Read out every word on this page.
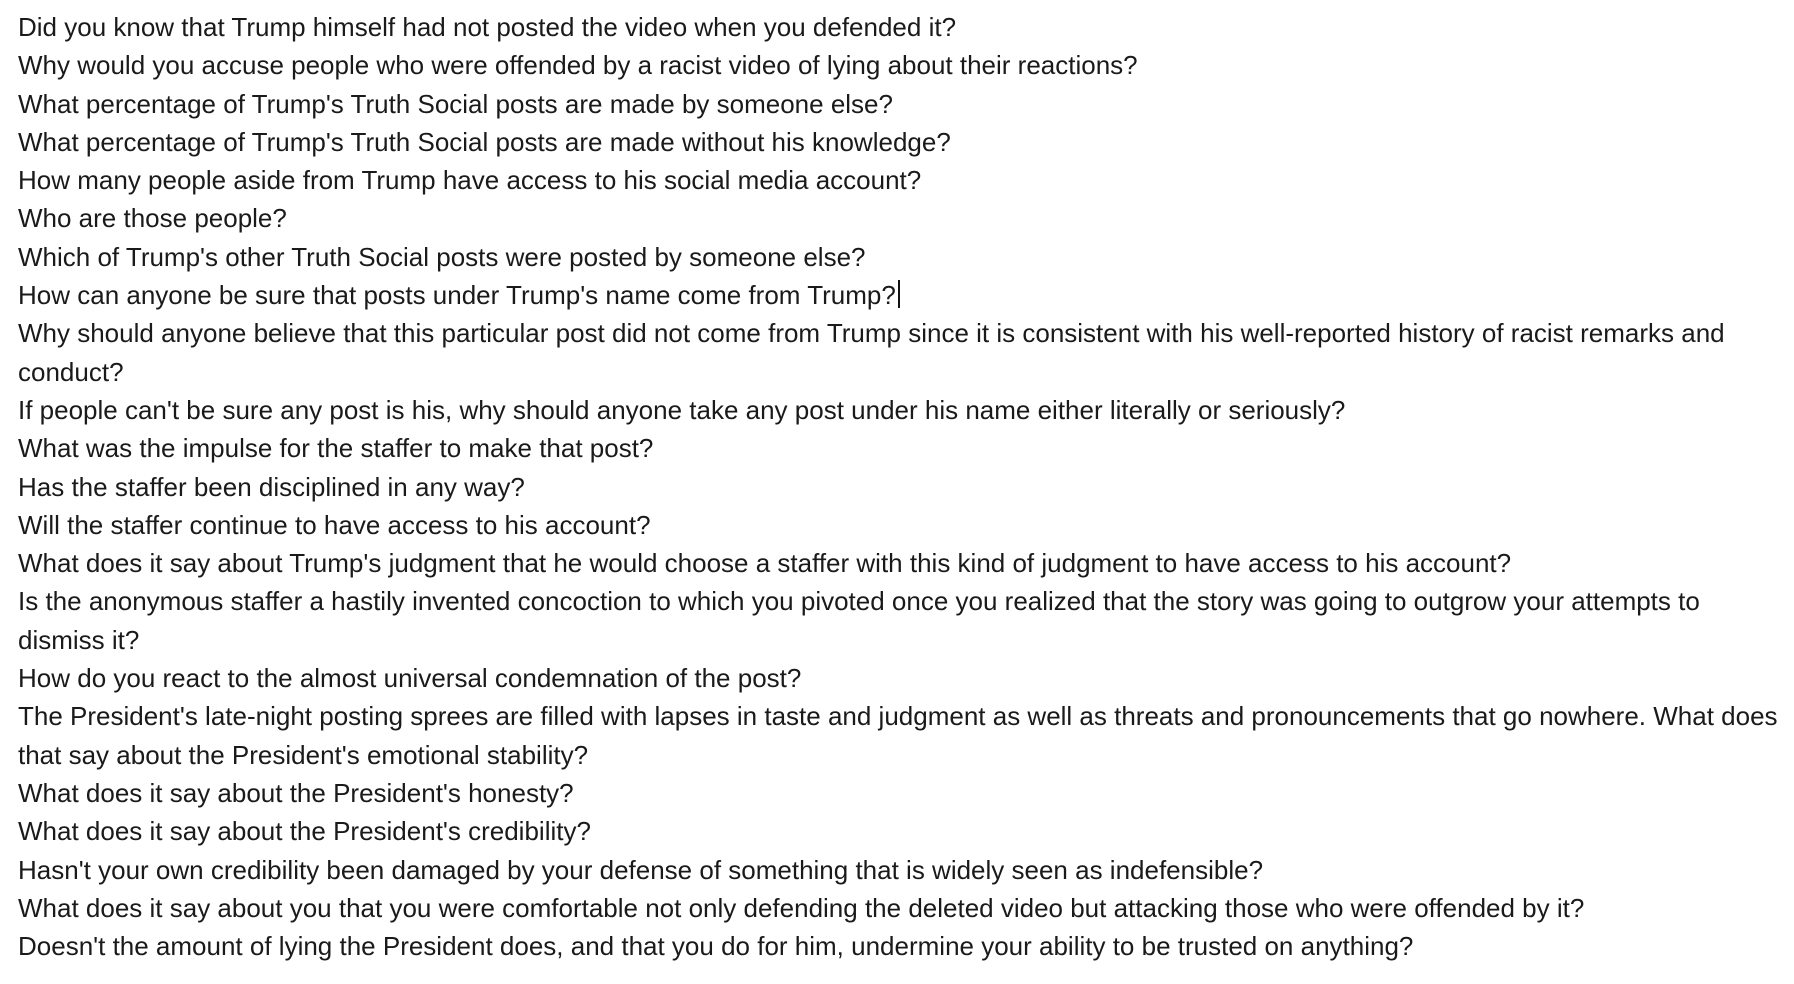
Did you know that Trump himself had not posted the video when you defended it?

Why would you accuse people who were offended by a racist video of lying about their reactions?

What percentage of Trump's Truth Social posts are made by someone else?

What percentage of Trump's Truth Social posts are made without his knowledge?

How many people aside from Trump have access to his social media account?

Who are those people?

Which of Trump's other Truth Social posts were posted by someone else?

How can anyone be sure that posts under Trump's name come from Trump?

Why should anyone believe that this particular post did not come from Trump since it is consistent with his well-reported history of racist remarks and conduct?

If people can't be sure any post is his, why should anyone take any post under his name either literally or seriously?

What was the impulse for the staffer to make that post?

Has the staffer been disciplined in any way?

Will the staffer continue to have access to his account?

What does it say about Trump's judgment that he would choose a staffer with this kind of judgment to have access to his account?

Is the anonymous staffer a hastily invented concoction to which you pivoted once you realized that the story was going to outgrow your attempts to dismiss it?

How do you react to the almost universal condemnation of the post?

The President's late-night posting sprees are filled with lapses in taste and judgment as well as threats and pronouncements that go nowhere. What does that say about the President's emotional stability?

What does it say about the President's honesty?

What does it say about the President's credibility?

Hasn't your own credibility been damaged by your defense of something that is widely seen as indefensible?

What does it say about you that you were comfortable not only defending the deleted video but attacking those who were offended by it?

Doesn't the amount of lying the President does, and that you do for him, undermine your ability to be trusted on anything?
